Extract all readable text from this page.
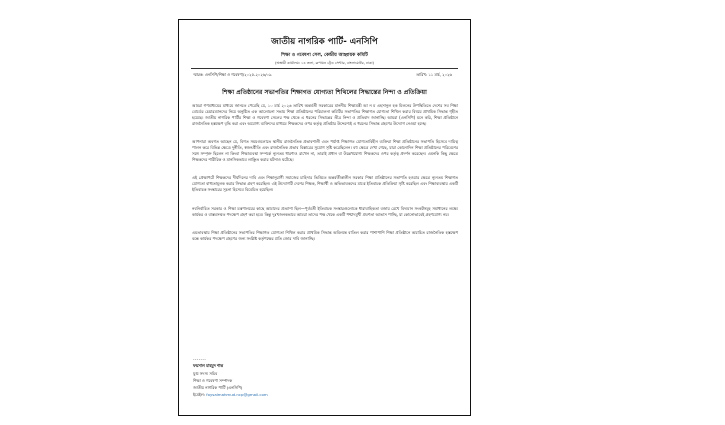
জাতীয় নাগরিক পার্টি- এনসিপি
শিক্ষা ও গবেষণা সেল, কেন্দ্রীয় আহ্বায়ক কমিটি
(অস্থায়ী কার্যালয়: ১৪ তলা, রূপায়ন ট্রেড সেন্টার, বাংলামোটর, ঢাকা)
স্মারক: এনসিপি/শিক্ষা ও গবেষণা/২০২৫-২০২৬/০৯	তারিখ: ১১ মার্চ, ২০২৬
শিক্ষা প্রতিষ্ঠানের সভাপতির শিক্ষাগত যোগ্যতা শিথিলের সিদ্ধান্তের নিন্দা ও প্রতিক্রিয়া

আমরা গণমাধ্যমের মাধ্যমে জানতে পেরেছি যে, ১০ মার্চ ২০২৬ তারিখ অন্তর্বর্তী সরকারের মাননীয় শিক্ষামন্ত্রী আ ন ম এহসানুল হক মিলনের উপস্থিতিতে দেশের সব শিক্ষা বোর্ডের চেয়ারম্যানদের নিয়ে অনুষ্ঠিত এক আলোচনা সভায় শিক্ষা প্রতিষ্ঠানের পরিচালনা কমিটির সভাপতির শিক্ষাগত যোগ্যতা শিথিল করার বিষয়ে প্রাথমিক সিদ্ধান্ত গৃহীত হয়েছে। জাতীয় নাগরিক পার্টির শিক্ষা ও গবেষণা সেলের পক্ষ থেকে এ ধরনের সিদ্ধান্তের তীব্র নিন্দা ও প্রতিবাদ জানাচ্ছি। আমরা (এনসিপি) মনে করি, শিক্ষা প্রতিষ্ঠানে রাজনৈতিক হস্তক্ষেপ বৃদ্ধি করা এবং অযোগ্য ব্যক্তিদের মাধ্যমে শিক্ষকদের ওপর কর্তৃত্ব প্রতিষ্ঠার উদ্দেশ্যেই এ ধরনের সিদ্ধান্ত গ্রহণের উদ্যোগ নেওয়া হচ্ছে।

আপনারা অবগত আছেন যে, বিগত সময়গুলোতে স্থানীয় রাজনৈতিক প্রভাবশালী এবং পর্যাপ্ত শিক্ষাগত যোগ্যতাবিহীন ব্যক্তিরা শিক্ষা প্রতিষ্ঠানের সভাপতি হিসেবে দায়িত্ব পালন করে বিভিন্ন ক্ষেত্রে দুর্নীতি, স্বজনপ্রীতি এবং রাজনৈতিক প্রভাব বিস্তারের সুযোগ সৃষ্টি করেছিলেন। বহু ক্ষেত্রে দেখা গেছে, যারা কোনোদিন শিক্ষা প্রতিষ্ঠানের পরিবেশের সঙ্গে সম্পৃক্ত ছিলেন না কিংবা শিক্ষাব্যবস্থা সম্পর্কে ন্যূনতম ধারণাও রাখেন না, তারাই প্রধান বা উল্লেখযোগ্য শিক্ষকদের ওপর কর্তৃত্ব প্রদর্শন করেছেন। এমনকি কিছু ক্ষেত্রে শিক্ষকদের শারীরিক ও মানসিকভাবে লাঞ্ছিত করার ঘটনাও ঘটেছে।

এই প্রেক্ষাপটে শিক্ষকদের দীর্ঘদিনের দাবি এবং শিক্ষানুরাগী সমাজের চাহিদার ভিত্তিতে অন্তর্বর্তীকালীন সরকার শিক্ষা প্রতিষ্ঠানের সভাপতি হওয়ার ক্ষেত্রে ন্যূনতম শিক্ষাগত যোগ্যতা বাধ্যতামূলক করার সিদ্ধান্ত গ্রহণ করেছিল। এই উদ্যোগটি দেশের শিক্ষক, শিক্ষার্থী ও অভিভাবকদের মাঝে ইতিবাচক প্রতিক্রিয়া সৃষ্টি করেছিল এবং শিক্ষাব্যবস্থায় একটি ইতিবাচক সংস্কারের সূচনা হিসেবে বিবেচিত হয়েছিল।

নবনির্বাচিত সরকার ও শিক্ষা মন্ত্রণালয়ের কাছে আমাদের প্রত্যাশা ছিল—পূর্ববর্তী ইতিবাচক সংস্কারগুলোকে ধারাবাহিকতা বজায় রেখে বিদ্যমান সংকটসমূহ সমাধানের লক্ষ্যে কার্যকর ও বাস্তবসম্মত পদক্ষেপ গ্রহণ করা হবে। কিন্তু দুঃখজনকভাবে আমরা তাদের পক্ষ থেকে একটি পশ্চাদমুখী প্রবণতা আভাস পাচ্ছি, যা কোনোভাবেই গ্রহণযোগ্য নয়।

এমতাবস্থায় শিক্ষা প্রতিষ্ঠানের সভাপতির শিক্ষাগত যোগ্যতা শিথিল করার প্রাথমিক সিদ্ধান্ত অবিলম্বে বাতিল করার পাশাপাশি শিক্ষা প্রতিষ্ঠানে অযাচিত রাজনৈতিক হস্তক্ষেপ বন্ধে কার্যকর পদক্ষেপ গ্রহণের জন্য সংশ্লিষ্ট কর্তৃপক্ষের প্রতি জোর দাবি জানাচ্ছি।

-------
ফয়সাল মাহমুদ শান্ত
যুগ্ম সদস্য সচিব
শিক্ষা ও গবেষণা সম্পাদক
জাতীয় নাগরিক পার্টি (এনসিপি)
ইমেইল: foysalmahmud.ncp@gmail.com
